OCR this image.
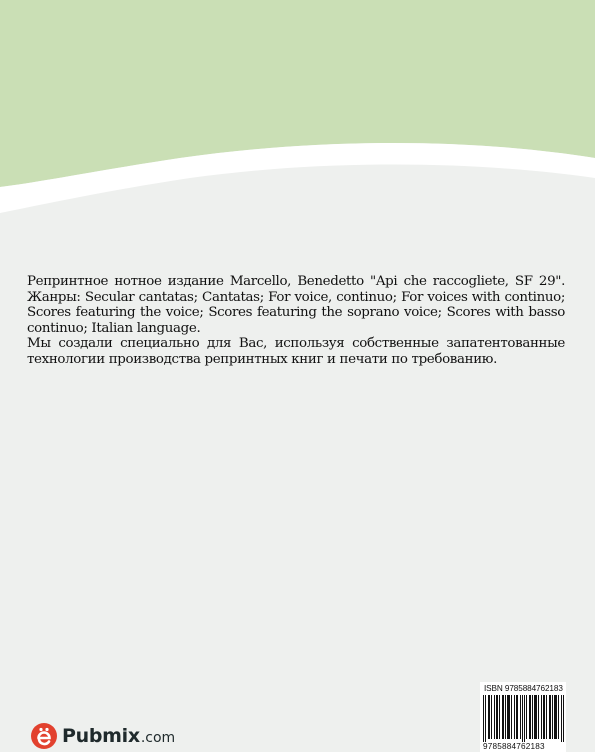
Репринтное нотное издание Marcello, Benedetto "Api che raccogliete, SF 29". Жанры: Secular cantatas; Cantatas; For voice, continuo; For voices with continuo; Scores featuring the voice; Scores featuring the soprano voice; Scores with basso continuo; Italian language.

Мы создали специально для Вас, используя собственные запатентованные технологии производства репринтных книг и печати по требованию.

Pubmix .com
ISBN 9785884762183
9785884762183
